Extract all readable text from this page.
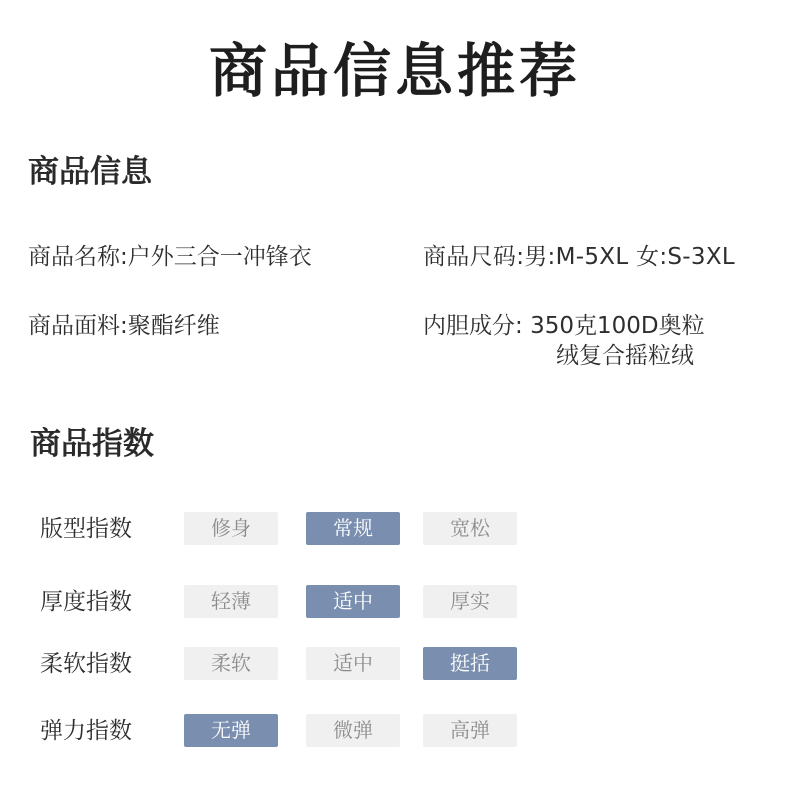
商品信息推荐
商品信息
商品名称:户外三合一冲锋衣	商品尺码:男:M-5XL 女:S-3XL
商品面料:聚酯纤维	内胆成分: 350克100D奥粒
绒复合摇粒绒
商品指数
版型指数	修身	常规	宽松
厚度指数	轻薄	适中	厚实
柔软指数	柔软	适中	挺括
弹力指数	无弹	微弹	高弹
